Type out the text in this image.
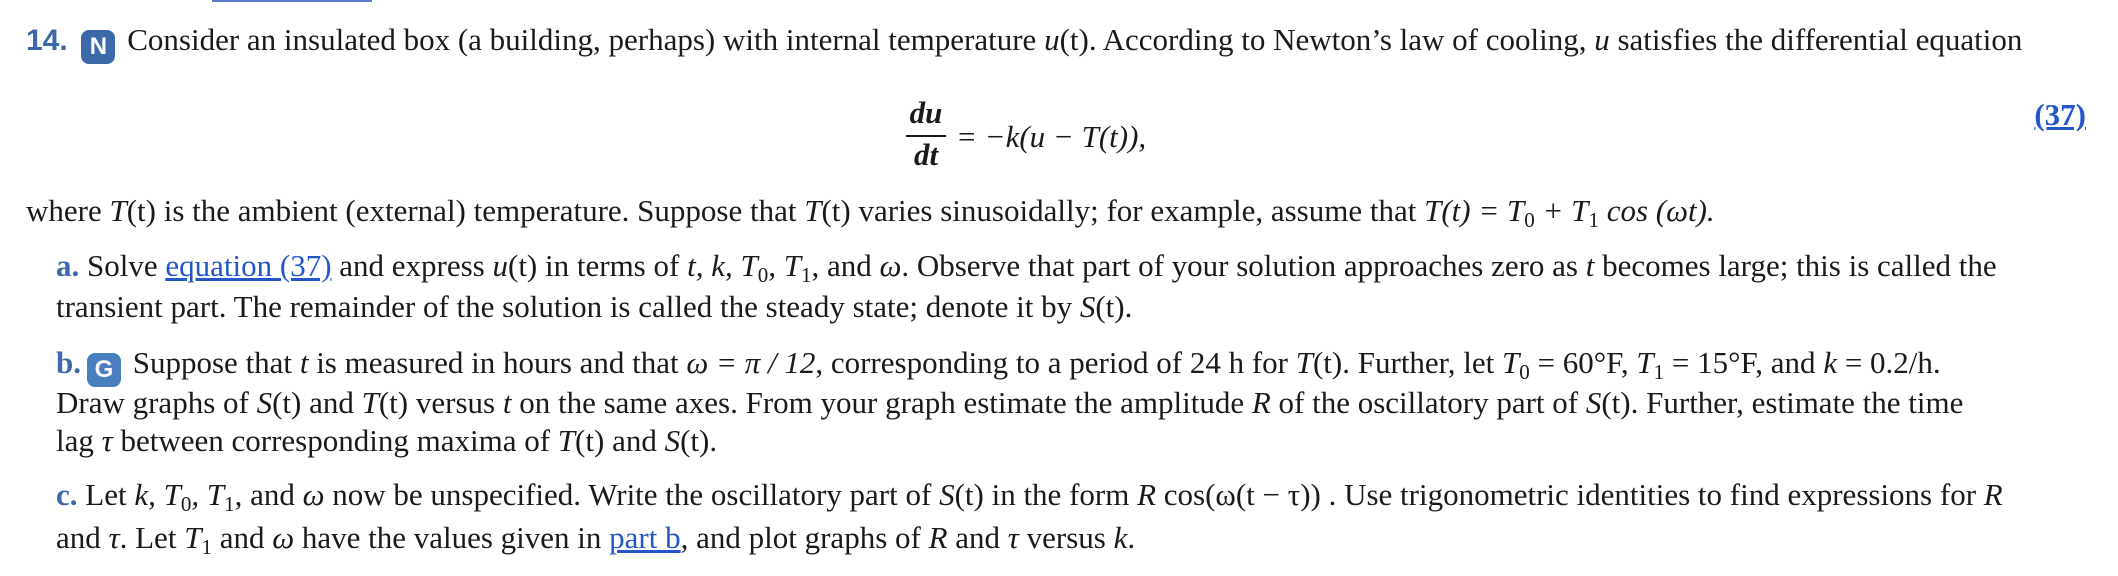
14. N Consider an insulated box (a building, perhaps) with internal temperature u(t). According to Newton’s law of cooling, u satisfies the differential equation
du
dt
= −k(u − T(t)),
(37)
where T(t) is the ambient (external) temperature. Suppose that T(t) varies sinusoidally; for example, assume that $T(t) = T_0 + T_1$ cos (ωt).
a. Solve equation (37) and express u(t) in terms of t, k, $T_0$, $T_1$, and ω. Observe that part of your solution approaches zero as t becomes large; this is called the
transient part. The remainder of the solution is called the steady state; denote it by S(t).
b. G Suppose that t is measured in hours and that ω = π / 12, corresponding to a period of 24 h for T(t). Further, let $T_0 = 60^\circ F$, $T_1 = 15^\circ F$, and k = 0.2/h.
Draw graphs of S(t) and T(t) versus t on the same axes. From your graph estimate the amplitude R of the oscillatory part of S(t). Further, estimate the time
lag τ between corresponding maxima of T(t) and S(t).
c. Let k, $T_0$, $T_1$, and ω now be unspecified. Write the oscillatory part of S(t) in the form R cos(ω(t − τ)) . Use trigonometric identities to find expressions for R
and τ. Let $T_1$ and ω have the values given in part b, and plot graphs of R and τ versus k.
